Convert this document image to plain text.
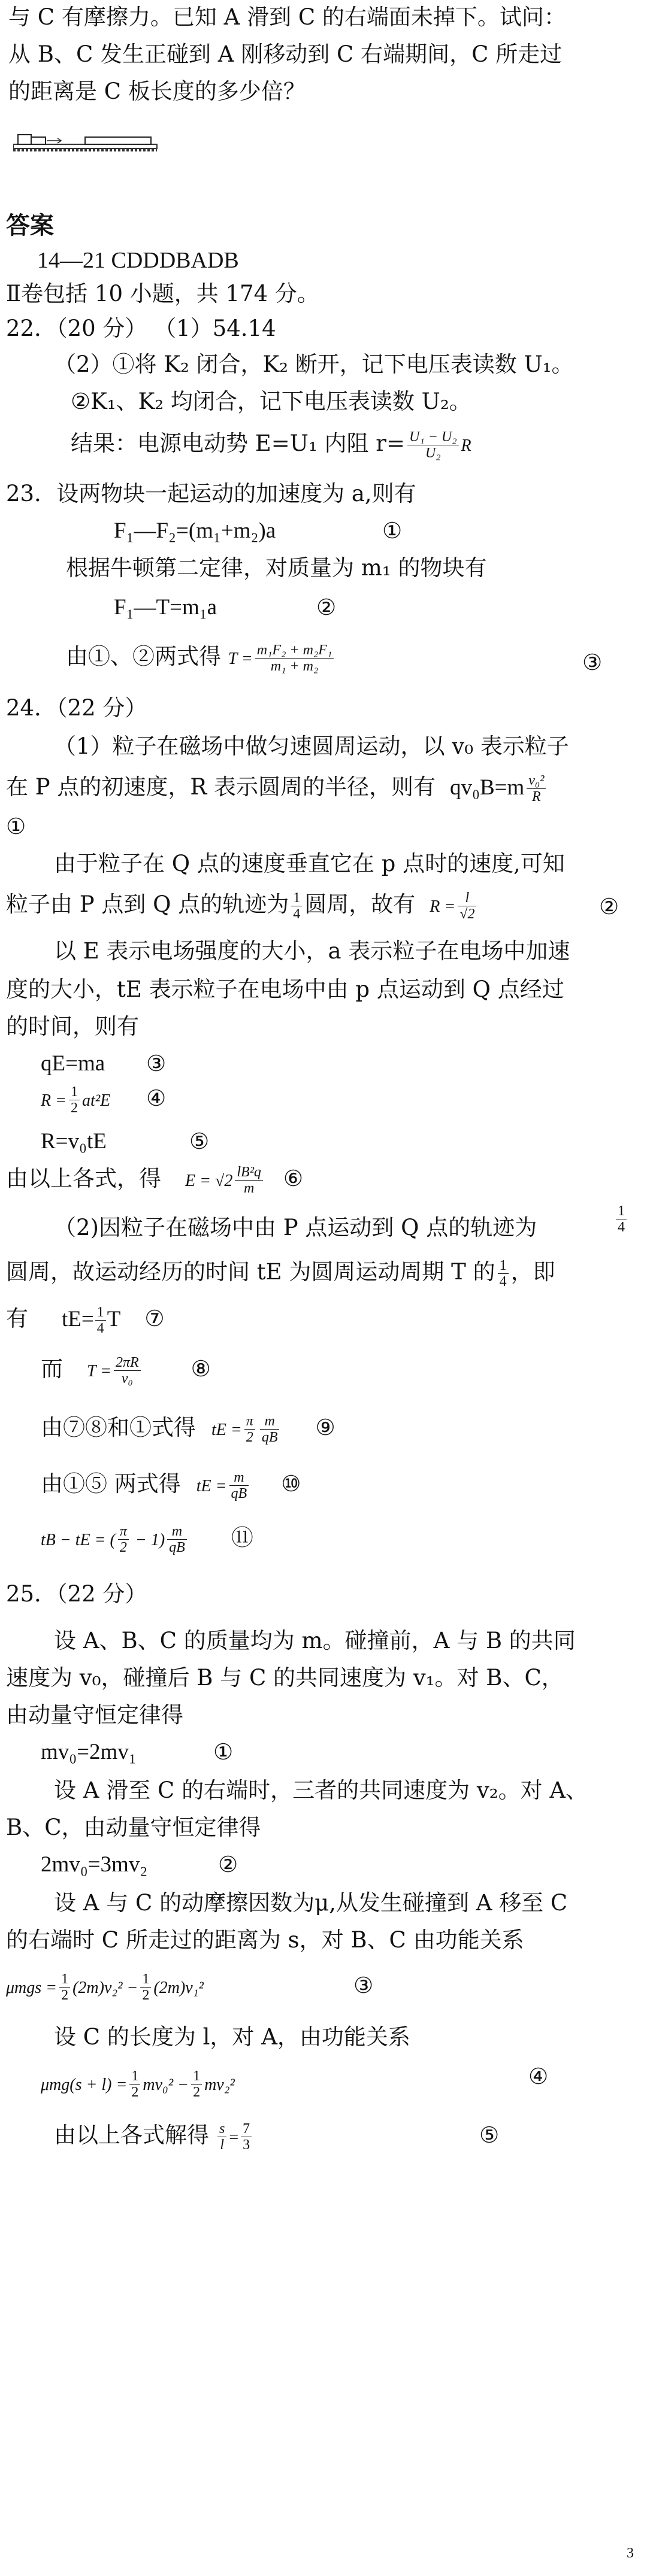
与 C 有摩擦力。已知 A 滑到 C 的右端面未掉下。试问：
从 B、C 发生正碰到 A 刚移动到 C 右端期间，C 所走过
的距离是 C 板长度的多少倍？
答案
14—21 CDDDBADB
Ⅱ卷包括 10 小题，共 174 分。
22．（20 分） （1）54.14
（2）①将 K₂ 闭合，K₂ 断开，记下电压表读数 U₁。
②K₁、K₂ 均闭合，记下电压表读数 U₂。
结果：电源电动势 E=U₁ 内阻 $r= \frac{\text{U₁ − U₂}}{\text{U₂}}$ R
23．设两物块一起运动的加速度为 a,则有
F₁—F₂=(m₁+m₂)a	①
根据牛顿第二定律，对质量为 m₁ 的物块有
F₁—T=m₁a	②
由①、②两式得 $T = \frac{\text{m₁F₂ + m₂F₁}}{\text{m₁ + m₂}}$	③
24．（22 分）
（1）粒子在磁场中做匀速圆周运动，以 v₀ 表示粒子
在 P 点的初速度，R 表示圆周的半径，则有 $qv_0B=m \frac{\text{v₀²}}{R}$
①
由于粒子在 Q 点的速度垂直它在 p 点时的速度,可知
粒子由 P 点到 Q 点的轨迹为 $\frac{1}{4}$ 圆周，故有 $R = \frac{l}{√2}$	②
以 E 表示电场强度的大小，a 表示粒子在电场中加速
度的大小，tE 表示粒子在电场中由 p 点运动到 Q 点经过
的时间，则有
qE=ma ③
$R = \frac{1}{2} at^2E$ ④
R=v₀tE	⑤
由以上各式，得 $E = √2 \frac{\text{lB²q}}{m}$ ⑥
（2)因粒子在磁场中由 P 点运动到 Q 点的轨迹为	$\frac{1}{4}$
圆周，故运动经历的时间 tE 为圆周运动周期 T 的 $\frac{1}{4}$ ，即
有 $tE= \frac{1}{4}$ T ⑦
而 $T = \frac{2\pi R}{\text{v₀}}$ ⑧
由⑦⑧和①式得 tE = $\frac{\pi}{2} \frac{m}{qB}$ ⑨
由①⑤ 两式得 tE = $\frac{m}{qB}$ ⑩
tB − tE = ( $\frac{\pi}{2} - 1) \frac{m}{qB}$ ⑪
25．（22 分）
设 A、B、C 的质量均为 m。碰撞前，A 与 B 的共同
速度为 v₀，碰撞后 B 与 C 的共同速度为 v₁。对 B、C，
由动量守恒定律得
mv₀=2mv₁	①
设 A 滑至 C 的右端时，三者的共同速度为 v₂。对 A、
B、C，由动量守恒定律得
2mv₀=3mv₂	②
设 A 与 C 的动摩擦因数为μ,从发生碰撞到 A 移至 C
的右端时 C 所走过的距离为 s，对 B、C 由功能关系
$\mu mgs = \frac{1}{2} (2m)v_2^2 - \frac{1}{2} (2m)v_1^2$	③
设 C 的长度为 l，对 A，由功能关系
$\mu mg(s + l) = \frac{1}{2} mv_0^2 - \frac{1}{2} mv_2^2$	④
由以上各式解得 $\frac{s}{l} = \frac{7}{3}$	⑤
3
